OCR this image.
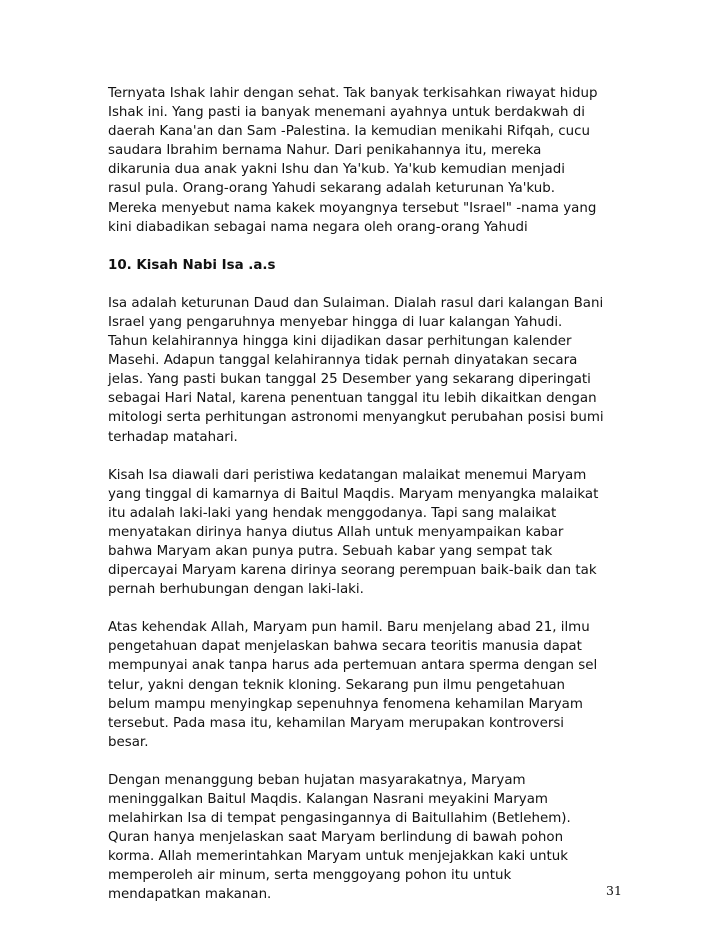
Ternyata Ishak lahir dengan sehat. Tak banyak terkisahkan riwayat hidup
Ishak ini. Yang pasti ia banyak menemani ayahnya untuk berdakwah di
daerah Kana'an dan Sam -Palestina. Ia kemudian menikahi Rifqah, cucu
saudara Ibrahim bernama Nahur. Dari penikahannya itu, mereka
dikarunia dua anak yakni Ishu dan Ya'kub. Ya'kub kemudian menjadi
rasul pula. Orang-orang Yahudi sekarang adalah keturunan Ya'kub.
Mereka menyebut nama kakek moyangnya tersebut "Israel" -nama yang
kini diabadikan sebagai nama negara oleh orang-orang Yahudi
10. Kisah Nabi Isa .a.s
Isa adalah keturunan Daud dan Sulaiman. Dialah rasul dari kalangan Bani
Israel yang pengaruhnya menyebar hingga di luar kalangan Yahudi.
Tahun kelahirannya hingga kini dijadikan dasar perhitungan kalender
Masehi. Adapun tanggal kelahirannya tidak pernah dinyatakan secara
jelas. Yang pasti bukan tanggal 25 Desember yang sekarang diperingati
sebagai Hari Natal, karena penentuan tanggal itu lebih dikaitkan dengan
mitologi serta perhitungan astronomi menyangkut perubahan posisi bumi
terhadap matahari.
Kisah Isa diawali dari peristiwa kedatangan malaikat menemui Maryam
yang tinggal di kamarnya di Baitul Maqdis. Maryam menyangka malaikat
itu adalah laki-laki yang hendak menggodanya. Tapi sang malaikat
menyatakan dirinya hanya diutus Allah untuk menyampaikan kabar
bahwa Maryam akan punya putra. Sebuah kabar yang sempat tak
dipercayai Maryam karena dirinya seorang perempuan baik-baik dan tak
pernah berhubungan dengan laki-laki.
Atas kehendak Allah, Maryam pun hamil. Baru menjelang abad 21, ilmu
pengetahuan dapat menjelaskan bahwa secara teoritis manusia dapat
mempunyai anak tanpa harus ada pertemuan antara sperma dengan sel
telur, yakni dengan teknik kloning. Sekarang pun ilmu pengetahuan
belum mampu menyingkap sepenuhnya fenomena kehamilan Maryam
tersebut. Pada masa itu, kehamilan Maryam merupakan kontroversi
besar.
Dengan menanggung beban hujatan masyarakatnya, Maryam
meninggalkan Baitul Maqdis. Kalangan Nasrani meyakini Maryam
melahirkan Isa di tempat pengasingannya di Baitullahim (Betlehem).
Quran hanya menjelaskan saat Maryam berlindung di bawah pohon
korma. Allah memerintahkan Maryam untuk menjejakkan kaki untuk
memperoleh air minum, serta menggoyang pohon itu untuk
mendapatkan makanan.	31
